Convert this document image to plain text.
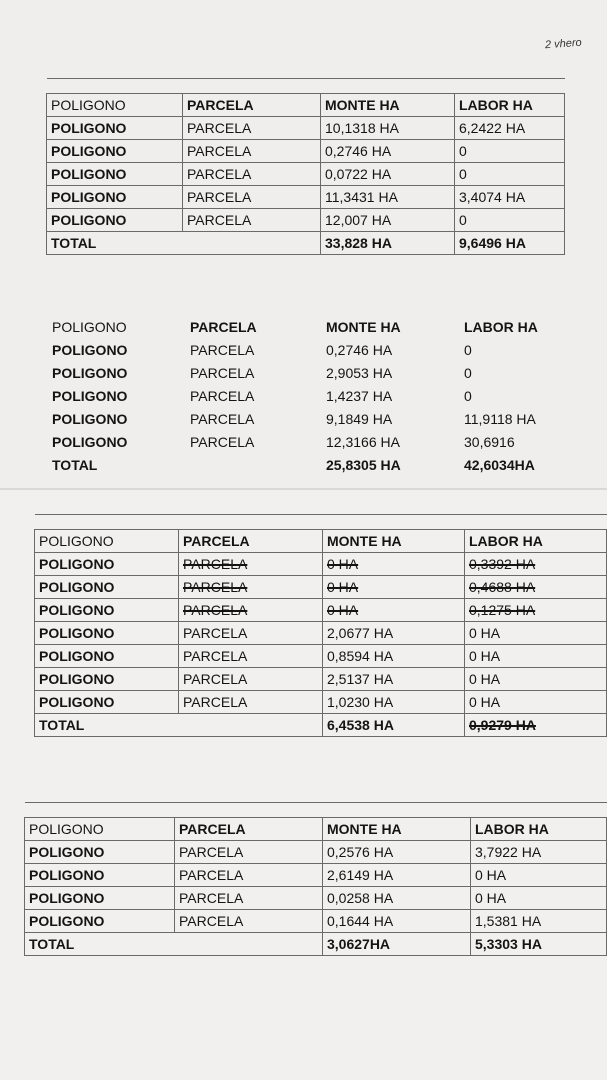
2 vhero

POLIGONO	PARCELA	MONTE HA	LABOR HA
POLIGONO	PARCELA	10,1318 HA	6,2422 HA
POLIGONO	PARCELA	0,2746 HA	0
POLIGONO	PARCELA	0,0722 HA	0
POLIGONO	PARCELA	11,3431 HA	3,4074 HA
POLIGONO	PARCELA	12,007 HA	0
TOTAL		33,828 HA	9,6496 HA
POLIGONO	PARCELA	MONTE HA	LABOR HA
POLIGONO	PARCELA	0,2746 HA	0
POLIGONO	PARCELA	2,9053 HA	0
POLIGONO	PARCELA	1,4237 HA	0
POLIGONO	PARCELA	9,1849 HA	11,9118 HA
POLIGONO	PARCELA	12,3166 HA	30,6916
TOTAL		25,8305 HA	42,6034HA

POLIGONO	PARCELA	MONTE HA	LABOR HA
POLIGONO	PARCELA	0 HA	0,3392 HA
POLIGONO	PARCELA	0 HA	0,4688 HA
POLIGONO	PARCELA	0 HA	0,1275 HA
POLIGONO	PARCELA	2,0677 HA	0 HA
POLIGONO	PARCELA	0,8594 HA	0 HA
POLIGONO	PARCELA	2,5137 HA	0 HA
POLIGONO	PARCELA	1,0230 HA	0 HA
TOTAL		6,4538 HA	0,9279 HA

POLIGONO	PARCELA	MONTE HA	LABOR HA
POLIGONO	PARCELA	0,2576 HA	3,7922 HA
POLIGONO	PARCELA	2,6149 HA	0 HA
POLIGONO	PARCELA	0,0258 HA	0 HA
POLIGONO	PARCELA	0,1644 HA	1,5381 HA
TOTAL		3,0627HA	5,3303 HA
